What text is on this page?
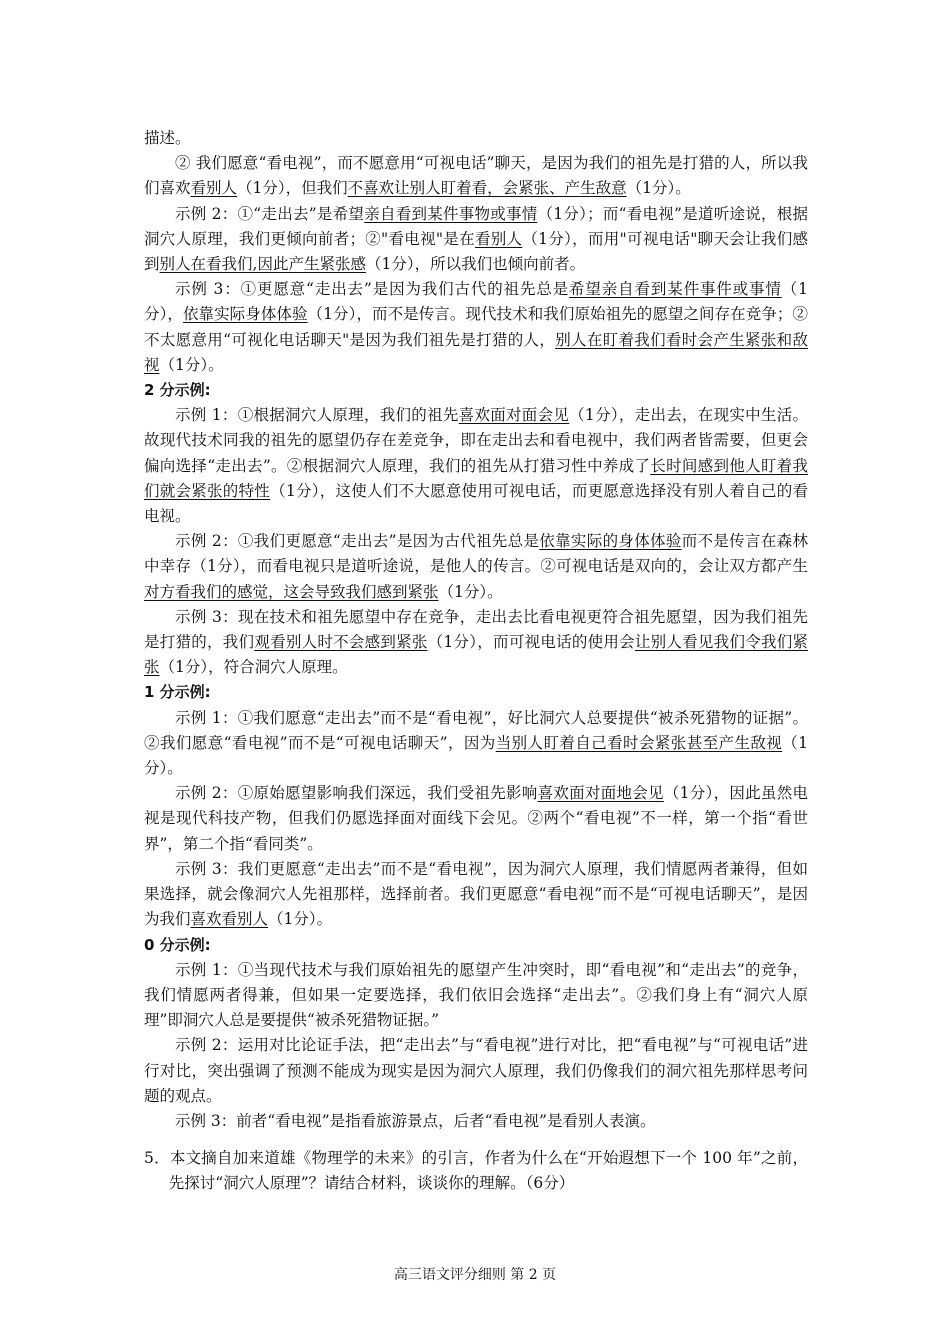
描述。

② 我们愿意“看电视”，而不愿意用“可视电话”聊天，是因为我们的祖先是打猎的人，所以我们喜欢看别人（1分），但我们不喜欢让别人盯着看，会紧张、产生敌意（1分）。

示例 2：①“走出去”是希望亲自看到某件事物或事情（1分）；而“看电视”是道听途说，根据洞穴人原理，我们更倾向前者；②"看电视"是在看别人（1分），而用"可视电话"聊天会让我们感到别人在看我们,因此产生紧张感（1分），所以我们也倾向前者。

示例 3：①更愿意“走出去”是因为我们古代的祖先总是希望亲自看到某件事件或事情（1分），依靠实际身体体验（1分），而不是传言。现代技术和我们原始祖先的愿望之间存在竞争；②不太愿意用“可视化电话聊天"是因为我们祖先是打猎的人，别人在盯着我们看时会产生紧张和敌视（1分）。

2 分示例:

示例 1：①根据洞穴人原理，我们的祖先喜欢面对面会见（1分），走出去，在现实中生活。故现代技术同我的祖先的愿望仍存在差竞争，即在走出去和看电视中，我们两者皆需要，但更会偏向选择“走出去”。②根据洞穴人原理，我们的祖先从打猎习性中养成了长时间感到他人盯着我们就会紧张的特性（1分），这使人们不大愿意使用可视电话，而更愿意选择没有别人着自己的看电视。

示例 2：①我们更愿意“走出去”是因为古代祖先总是依靠实际的身体体验而不是传言在森林中幸存（1分），而看电视只是道听途说，是他人的传言。②可视电话是双向的，会让双方都产生对方看我们的感觉，这会导致我们感到紧张（1分）。

示例 3：现在技术和祖先愿望中存在竞争，走出去比看电视更符合祖先愿望，因为我们祖先是打猎的，我们观看别人时不会感到紧张（1分），而可视电话的使用会让别人看见我们令我们紧张（1分），符合洞穴人原理。

1 分示例:

示例 1：①我们愿意“走出去”而不是“看电视”，好比洞穴人总要提供“被杀死猎物的证据”。②我们愿意“看电视”而不是“可视电话聊天”，因为当别人盯着自己看时会紧张甚至产生敌视（1分）。

示例 2：①原始愿望影响我们深远，我们受祖先影响喜欢面对面地会见（1分），因此虽然电视是现代科技产物，但我们仍愿选择面对面线下会见。②两个“看电视”不一样，第一个指“看世界”，第二个指“看同类”。

示例 3：我们更愿意“走出去”而不是“看电视”，因为洞穴人原理，我们情愿两者兼得，但如果选择，就会像洞穴人先祖那样，选择前者。我们更愿意“看电视”而不是“可视电话聊天”，是因为我们喜欢看别人（1分）。

0 分示例:

示例 1：①当现代技术与我们原始祖先的愿望产生冲突时，即“看电视”和“走出去”的竞争，我们情愿两者得兼，但如果一定要选择，我们依旧会选择“走出去”。②我们身上有“洞穴人原理”即洞穴人总是要提供“被杀死猎物证据。”

示例 2：运用对比论证手法，把“走出去”与“看电视”进行对比，把“看电视”与“可视电话”进行对比，突出强调了预测不能成为现实是因为洞穴人原理，我们仍像我们的洞穴祖先那样思考问题的观点。

示例 3：前者“看电视”是指看旅游景点，后者“看电视”是看别人表演。

5．本文摘自加来道雄《物理学的未来》的引言，作者为什么在“开始遐想下一个 100 年”之前，先探讨“洞穴人原理”？请结合材料，谈谈你的理解。（6分）

高三语文评分细则 第 2 页
